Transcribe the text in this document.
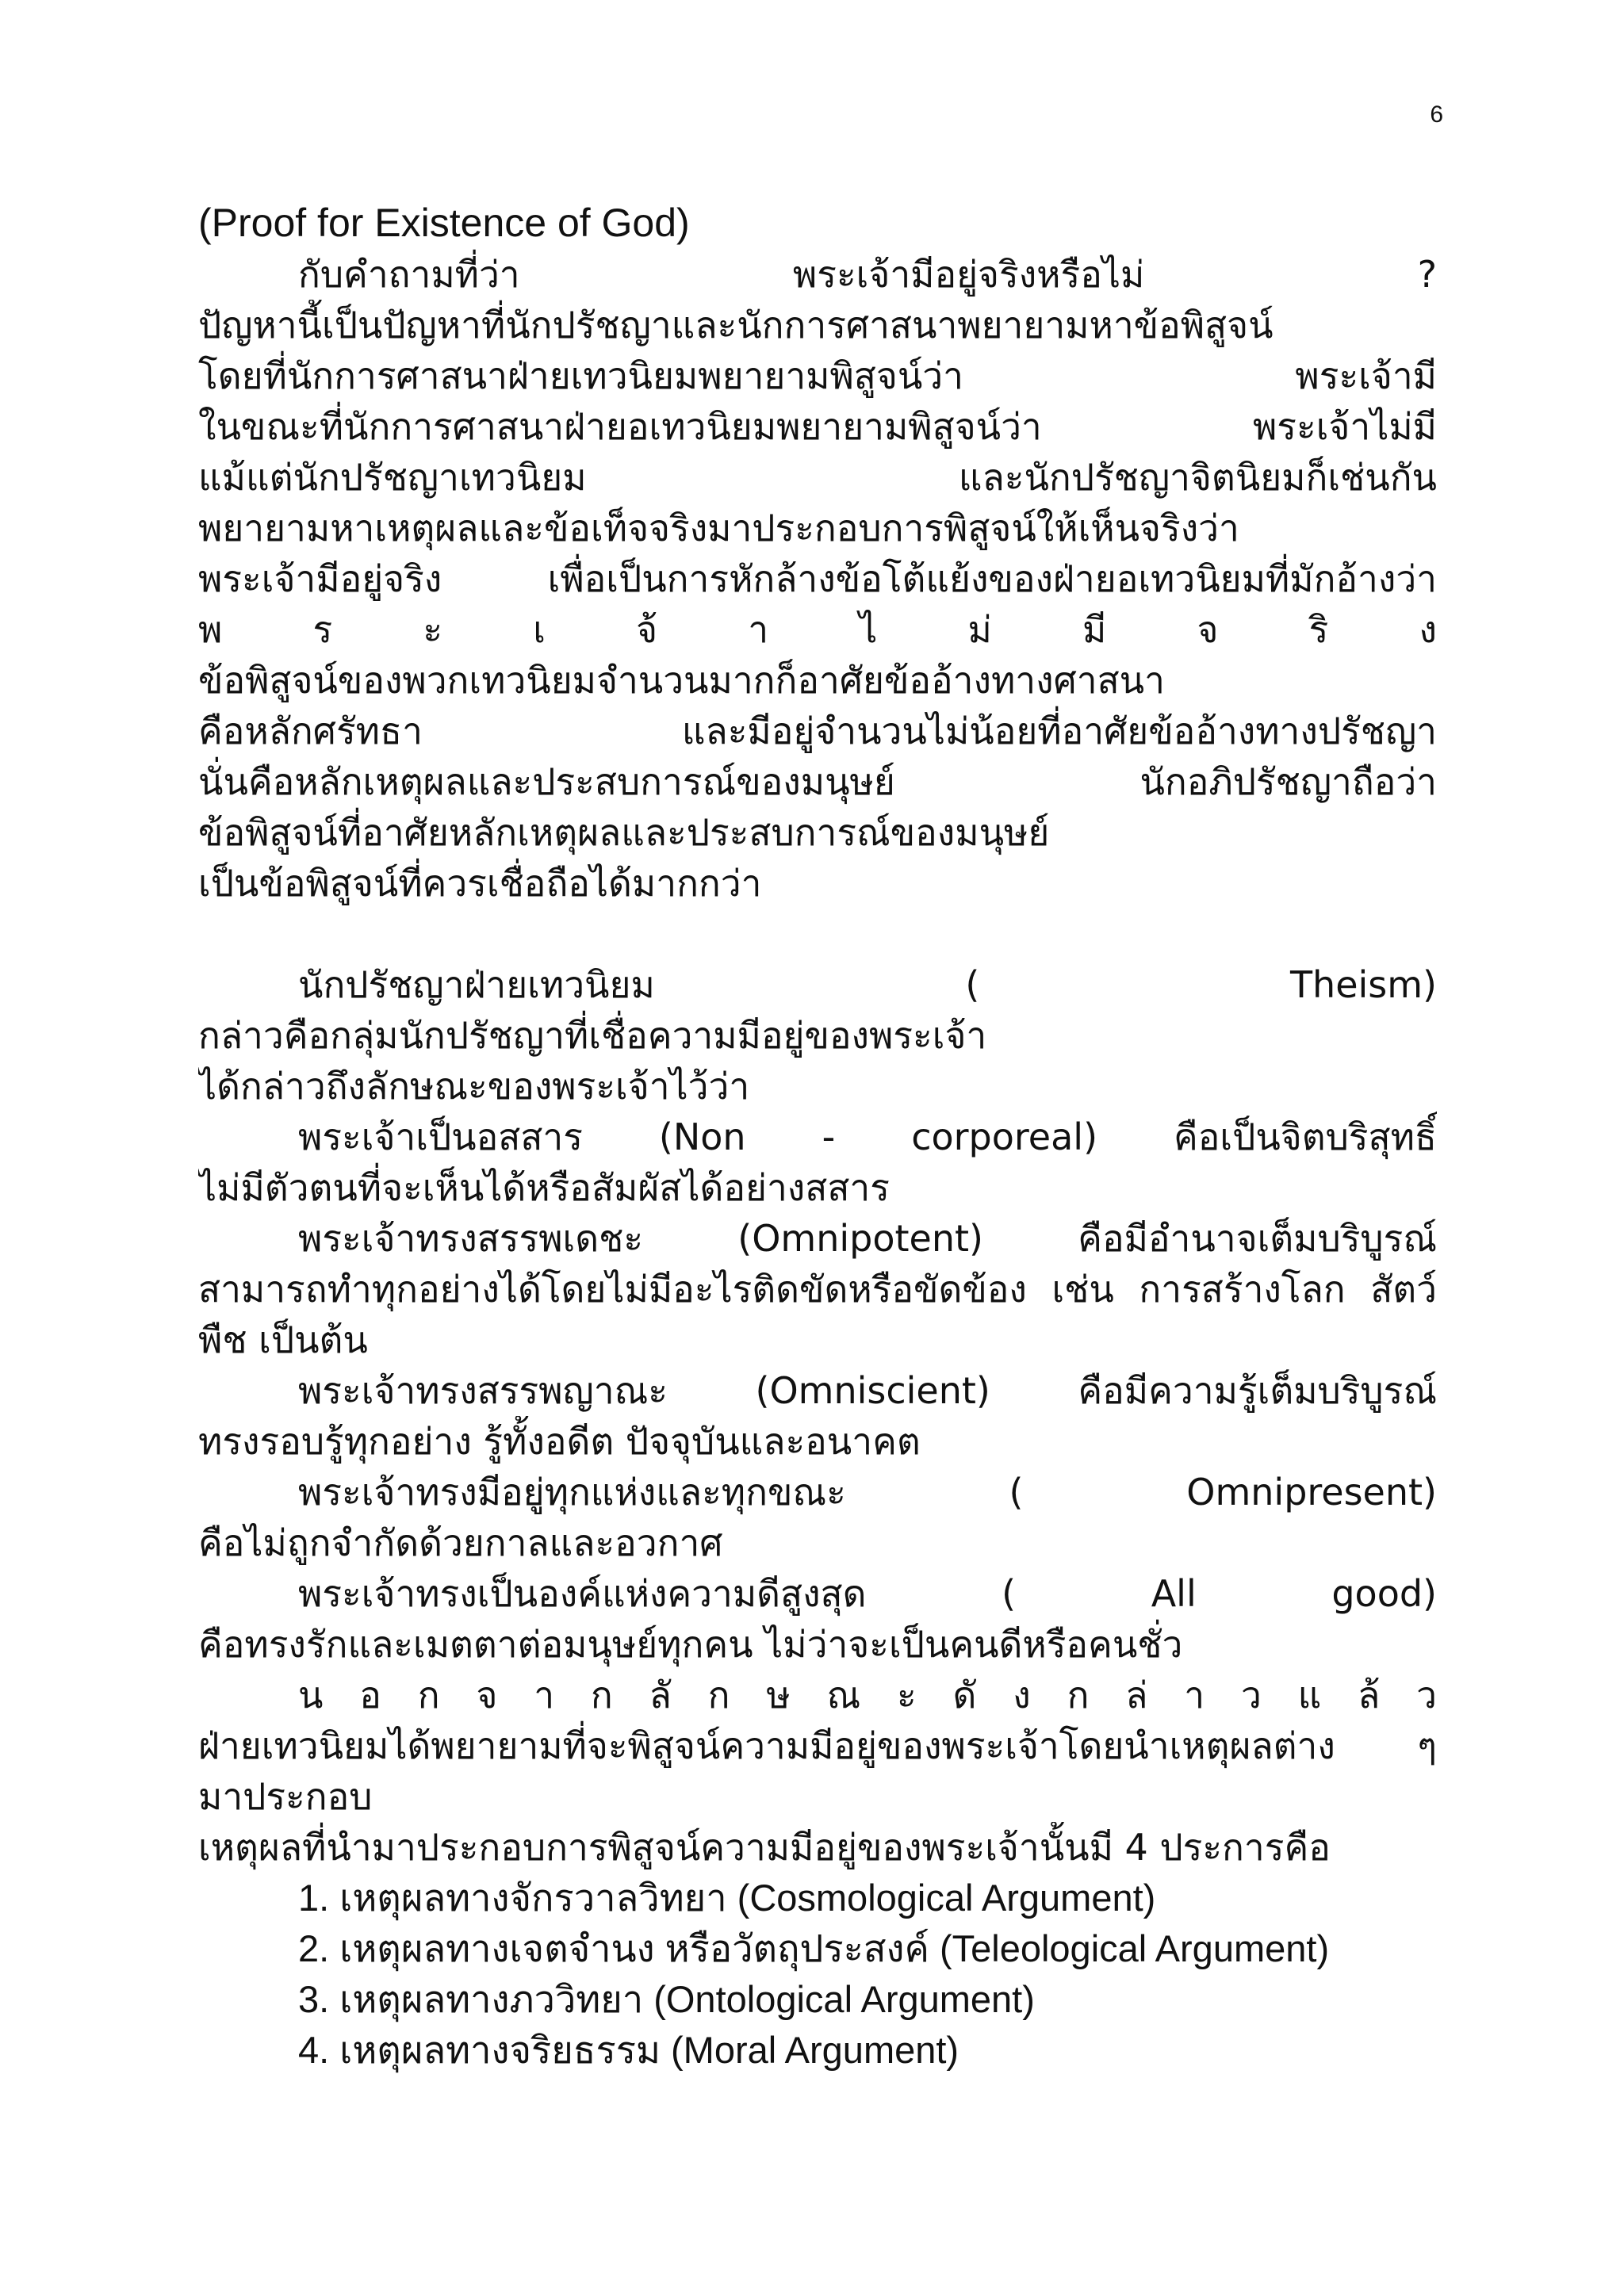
6
(Proof for Existence of God)
กับคำถามที่ว่า พระเจ้ามีอยู่จริงหรือไม่ ?
ปัญหานี้เป็นปัญหาที่นักปรัชญาและนักการศาสนาพยายามหาข้อพิสูจน์
โดยที่นักการศาสนาฝ่ายเทวนิยมพยายามพิสูจน์ว่า พระเจ้ามี
ในขณะที่นักการศาสนาฝ่ายอเทวนิยมพยายามพิสูจน์ว่า พระเจ้าไม่มี
แม้แต่นักปรัชญาเทวนิยม และนักปรัชญาจิตนิยมก็เช่นกัน
พยายามหาเหตุผลและข้อเท็จจริงมาประกอบการพิสูจน์ให้เห็นจริงว่า
พระเจ้ามีอยู่จริง เพื่อเป็นการหักล้างข้อโต้แย้งของฝ่ายอเทวนิยมที่มักอ้างว่า
พ ร ะ เ จ้ า ไ ม่ มี จ ริ ง
ข้อพิสูจน์ของพวกเทวนิยมจำนวนมากก็อาศัยข้ออ้างทางศาสนา
คือหลักศรัทธา และมีอยู่จำนวนไม่น้อยที่อาศัยข้ออ้างทางปรัชญา
นั่นคือหลักเหตุผลและประสบการณ์ของมนุษย์ นักอภิปรัชญาถือว่า
ข้อพิสูจน์ที่อาศัยหลักเหตุผลและประสบการณ์ของมนุษย์
เป็นข้อพิสูจน์ที่ควรเชื่อถือได้มากกว่า
นักปรัชญาฝ่ายเทวนิยม ( Theism)
กล่าวคือกลุ่มนักปรัชญาที่เชื่อความมีอยู่ของพระเจ้า
ได้กล่าวถึงลักษณะของพระเจ้าไว้ว่า
พระเจ้าเป็นอสสาร (Non - corporeal) คือเป็นจิตบริสุทธิ์
ไม่มีตัวตนที่จะเห็นได้หรือสัมผัสได้อย่างสสาร
พระเจ้าทรงสรรพเดชะ (Omnipotent) คือมีอำนาจเต็มบริบูรณ์
สามารถทำทุกอย่างได้โดยไม่มีอะไรติดขัดหรือขัดข้อง เช่น การสร้างโลก สัตว์
พืช เป็นต้น
พระเจ้าทรงสรรพญาณะ (Omniscient) คือมีความรู้เต็มบริบูรณ์
ทรงรอบรู้ทุกอย่าง รู้ทั้งอดีต ปัจจุบันและอนาคต
พระเจ้าทรงมีอยู่ทุกแห่งและทุกขณะ ( Omnipresent)
คือไม่ถูกจำกัดด้วยกาลและอวกาศ
พระเจ้าทรงเป็นองค์แห่งความดีสูงสุด ( All good)
คือทรงรักและเมตตาต่อมนุษย์ทุกคน ไม่ว่าจะเป็นคนดีหรือคนชั่ว
น อ ก จ า ก ลั ก ษ ณ ะ ดั ง ก ล่ า ว แ ล้ ว
ฝ่ายเทวนิยมได้พยายามที่จะพิสูจน์ความมีอยู่ของพระเจ้าโดยนำเหตุผลต่าง ๆ
มาประกอบ
เหตุผลที่นำมาประกอบการพิสูจน์ความมีอยู่ของพระเจ้านั้นมี 4 ประการคือ
1. เหตุผลทางจักรวาลวิทยา (Cosmological Argument)
2. เหตุผลทางเจตจำนง หรือวัตถุประสงค์ (Teleological Argument)
3. เหตุผลทางภววิทยา (Ontological Argument)
4. เหตุผลทางจริยธรรม (Moral Argument)
